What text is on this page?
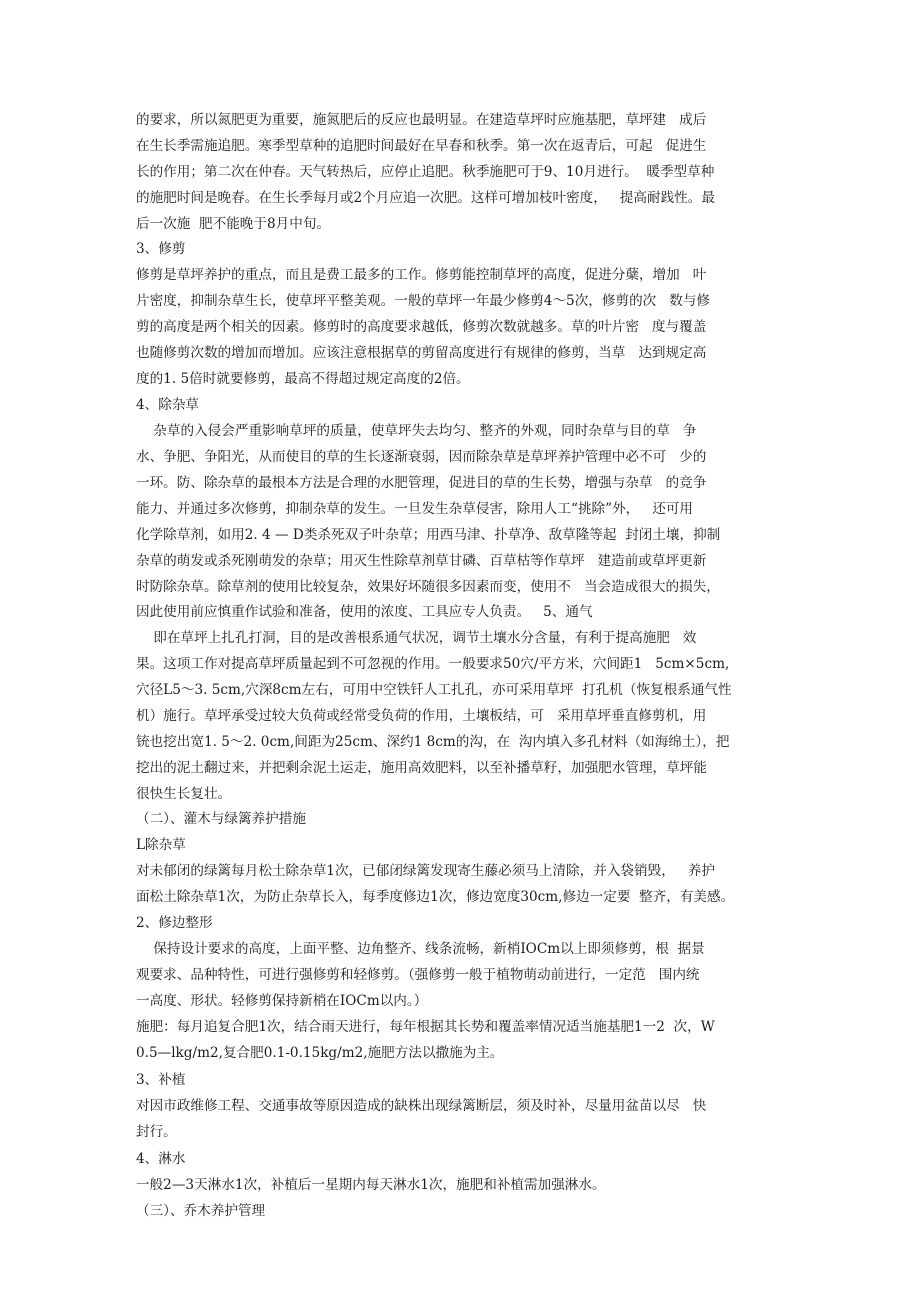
的要求，所以氮肥更为重要，施氮肥后的反应也最明显。在建造草坪时应施基肥，草坪建   成后

在生长季需施追肥。寒季型草种的追肥时间最好在早春和秋季。第一次在返青后，可起   促进生

长的作用；第二次在仲春。天气转热后，应停止追肥。秋季施肥可于9、10月进行。  暖季型草种

的施肥时间是晚春。在生长季每月或2个月应追一次肥。这样可增加枝叶密度，   提高耐践性。最

后一次施  肥不能晚于8月中旬。

3、修剪

修剪是草坪养护的重点，而且是费工最多的工作。修剪能控制草坪的高度，促进分蘖，增加   叶

片密度，抑制杂草生长，使草坪平整美观。一般的草坪一年最少修剪4～5次，修剪的次   数与修

剪的高度是两个相关的因素。修剪时的高度要求越低，修剪次数就越多。草的叶片密   度与覆盖

也随修剪次数的增加而增加。应该注意根据草的剪留高度进行有规律的修剪，当草   达到规定高

度的1. 5倍时就要修剪，最高不得超过规定高度的2倍。

4、除杂草

杂草的入侵会严重影响草坪的质量，使草坪失去均匀、整齐的外观，同时杂草与目的草   争

水、争肥、争阳光，从而使目的草的生长逐渐衰弱，因而除杂草是草坪养护管理中必不可   少的

一环。防、除杂草的最根本方法是合理的水肥管理，促进目的草的生长势，增强与杂草   的竞争

能力、并通过多次修剪，抑制杂草的发生。一旦发生杂草侵害，除用人工“挑除”外，   还可用

化学除草剂，如用2. 4 — D类杀死双子叶杂草；用西马津、扑草净、敌草隆等起  封闭土壤，抑制

杂草的萌发或杀死刚萌发的杂草；用灭生性除草剂草甘磷、百草枯等作草坪   建造前或草坪更新

时防除杂草。除草剂的使用比较复杂，效果好坏随很多因素而变，使用不   当会造成很大的损失，

因此使用前应慎重作试验和准备，使用的浓度、工具应专人负责。   5、通气

即在草坪上扎孔打洞，目的是改善根系通气状况，调节土壤水分含量，有利于提高施肥   效

果。这项工作对提高草坪质量起到不可忽视的作用。一般要求50穴/平方米，穴间距1   5cm×5cm,

穴径L5～3. 5cm,穴深8cm左右，可用中空铁钎人工扎孔，亦可采用草坪  打孔机（恢复根系通气性

机）施行。草坪承受过较大负荷或经常受负荷的作用，土壤板结，可   采用草坪垂直修剪机，用

铳也挖出宽1. 5～2. 0cm,间距为25cm、深约1 8cm的沟，在  沟内填入多孔材料（如海绵土），把

挖出的泥土翻过来，并把剩余泥土运走，施用高效肥料，以至补播草籽，加强肥水管理，草坪能

很快生长复壮。

（二）、灌木与绿篱养护措施

L除杂草

对未郁闭的绿篱每月松土除杂草1次，已郁闭绿篱发现寄生藤必须马上清除，并入袋销毁，   养护

面松土除杂草1次，为防止杂草长入，每季度修边1次，修边宽度30cm,修边一定要  整齐，有美感。

2、修边整形

保持设计要求的高度，上面平整、边角整齐、线条流畅，新梢IOCm以上即须修剪，根  据景

观要求、品种特性，可进行强修剪和轻修剪。（强修剪一般于植物萌动前进行，一定范   围内统

一高度、形状。轻修剪保持新梢在IOCm以内。）

施肥：每月追复合肥1次，结合雨天进行，每年根据其长势和覆盖率情况适当施基肥1一2  次，W

0.5—lkg/m2,复合肥0.1-0.15kg/m2,施肥方法以撒施为主。

3、补植

对因市政维修工程、交通事故等原因造成的缺株出现绿篱断层，须及时补，尽量用盆苗以尽   快

封行。

4、淋水

一般2—3天淋水1次，补植后一星期内每天淋水1次，施肥和补植需加强淋水。

（三）、乔木养护管理
